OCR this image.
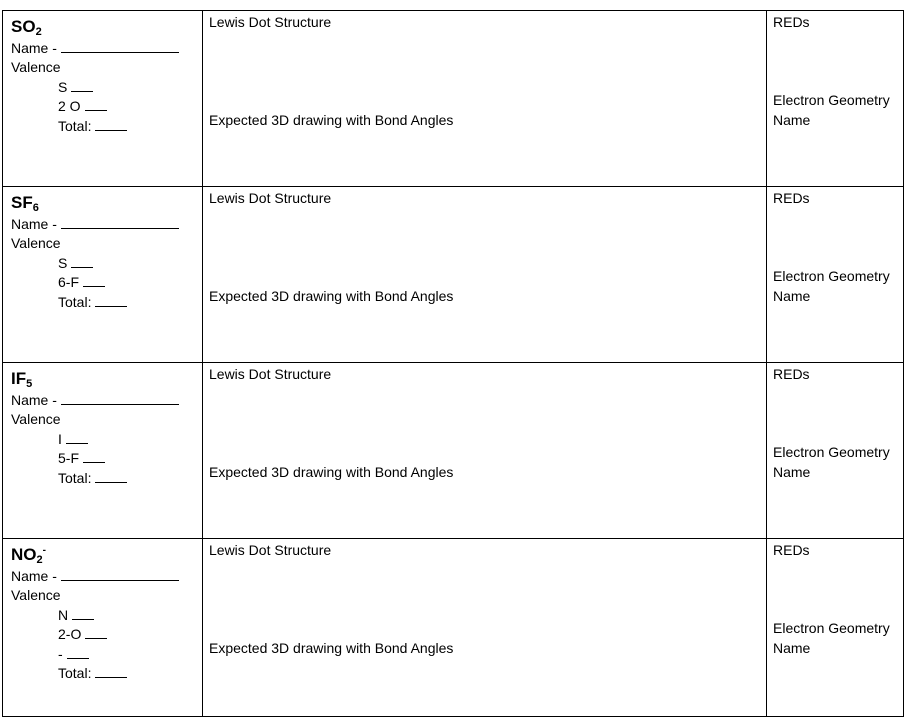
$SO_2$
Name -
Valence
S
2 O
Total:
Lewis Dot Structure
Expected 3D drawing with Bond Angles
REDs
Electron Geometry
Name
$SF_6$
Name -
Valence
S
6-F
Total:
Lewis Dot Structure
Expected 3D drawing with Bond Angles
REDs
Electron Geometry
Name
$IF_5$
Name -
Valence
I
5-F
Total:
Lewis Dot Structure
Expected 3D drawing with Bond Angles
REDs
Electron Geometry
Name
$NO_2^-$
Name -
Valence
N
2-O
-
Total:
Lewis Dot Structure
Expected 3D drawing with Bond Angles
REDs
Electron Geometry
Name
